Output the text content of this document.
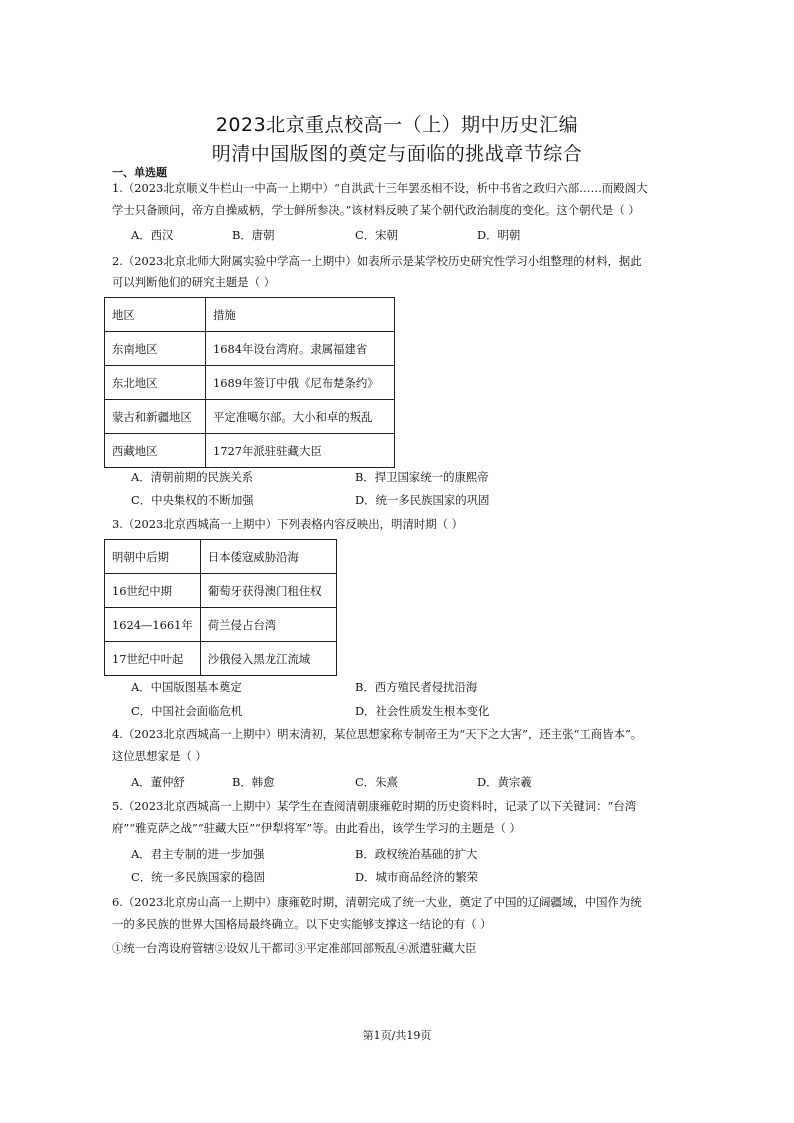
2023北京重点校高一（上）期中历史汇编
明清中国版图的奠定与面临的挑战章节综合
一、单选题
1.（2023北京顺义牛栏山一中高一上期中）“自洪武十三年罢丞相不设，析中书省之政归六部……而殿阁大
学士只备顾问，帝方自操威柄，学士鲜所参决。”该材料反映了某个朝代政治制度的变化。这个朝代是（ ）
A．西汉	B．唐朝	C．宋朝	D．明朝
2.（2023北京北师大附属实验中学高一上期中）如表所示是某学校历史研究性学习小组整理的材料，据此
可以判断他们的研究主题是（ ）
地区	措施
东南地区	1684年设台湾府。隶属福建省
东北地区	1689年签订中俄《尼布楚条约》
蒙古和新疆地区	平定准噶尔部。大小和卓的叛乱
西藏地区	1727年派驻驻藏大臣
A．清朝前期的民族关系	B．捍卫国家统一的康熙帝
C．中央集权的不断加强	D．统一多民族国家的巩固
3.（2023北京西城高一上期中）下列表格内容反映出，明清时期（ ）
明朝中后期	日本倭寇威胁沿海
16世纪中期	葡萄牙获得澳门租住权
1624—1661年	荷兰侵占台湾
17世纪中叶起	沙俄侵入黑龙江流域
A．中国版图基本奠定	B．西方殖民者侵扰沿海
C．中国社会面临危机	D．社会性质发生根本变化
4.（2023北京西城高一上期中）明末清初，某位思想家称专制帝王为“天下之大害”，还主张“工商皆本”。
这位思想家是（ ）
A．董仲舒	B．韩愈	C．朱熹	D．黄宗羲
5.（2023北京西城高一上期中）某学生在查阅清朝康雍乾时期的历史资料时，记录了以下关键词：“台湾
府”“雅克萨之战”“驻藏大臣”“伊犁将军”等。由此看出，该学生学习的主题是（ ）
A．君主专制的进一步加强	B．政权统治基础的扩大
C．统一多民族国家的稳固	D．城市商品经济的繁荣
6.（2023北京房山高一上期中）康雍乾时期，清朝完成了统一大业，奠定了中国的辽阔疆域，中国作为统
一的多民族的世界大国格局最终确立。以下史实能够支撑这一结论的有（ ）
①统一台湾设府管辖②设奴儿干都司③平定准部回部叛乱④派遣驻藏大臣
第1页/共19页
